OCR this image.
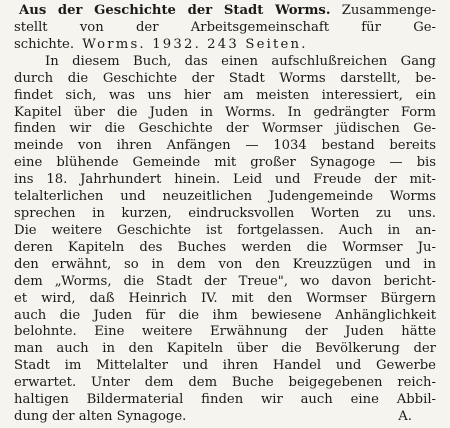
Aus der Geschichte der Stadt Worms. Zusammenge-
stellt von der Arbeitsgemeinschaft für Ge-
schichte. Worms. 1932. 243 Seiten.
In diesem Buch, das einen aufschlußreichen Gang
durch die Geschichte der Stadt Worms darstellt, be-
findet sich, was uns hier am meisten interessiert, ein
Kapitel über die Juden in Worms. In gedrängter Form
finden wir die Geschichte der Wormser jüdischen Ge-
meinde von ihren Anfängen — 1034 bestand bereits
eine blühende Gemeinde mit großer Synagoge — bis
ins 18. Jahrhundert hinein. Leid und Freude der mit-
telalterlichen und neuzeitlichen Judengemeinde Worms
sprechen in kurzen, eindrucksvollen Worten zu uns.
Die weitere Geschichte ist fortgelassen. Auch in an-
deren Kapiteln des Buches werden die Wormser Ju-
den erwähnt, so in dem von den Kreuzzügen und in
dem „Worms, die Stadt der Treue", wo davon bericht-
et wird, daß Heinrich IV. mit den Wormser Bürgern
auch die Juden für die ihm bewiesene Anhänglichkeit
belohnte. Eine weitere Erwähnung der Juden hätte
man auch in den Kapiteln über die Bevölkerung der
Stadt im Mittelalter und ihren Handel und Gewerbe
erwartet. Unter dem dem Buche beigegebenen reich-
haltigen Bildermaterial finden wir auch eine Abbil-
dung der alten Synagoge.	A.
